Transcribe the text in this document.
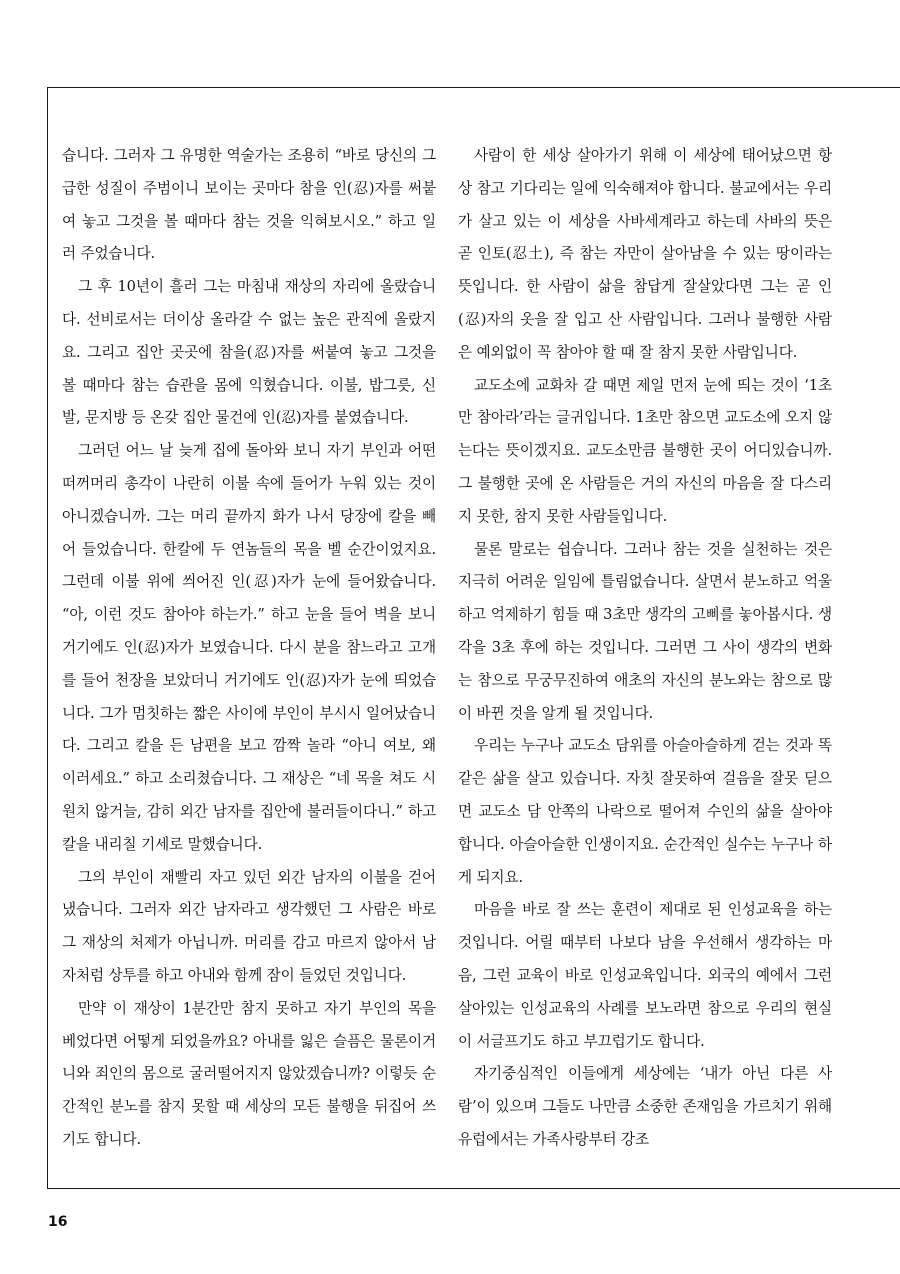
습니다. 그러자 그 유명한 역술가는 조용히 “바로 당신의 그 급한 성질이 주범이니 보이는 곳마다 참을 인(忍)자를 써붙여 놓고 그것을 볼 때마다 참는 것을 익혀보시오.” 하고 일러 주었습니다.

그 후 10년이 흘러 그는 마침내 재상의 자리에 올랐습니다. 선비로서는 더이상 올라갈 수 없는 높은 관직에 올랐지요. 그리고 집안 곳곳에 참을(忍)자를 써붙여 놓고 그것을 볼 때마다 참는 습관을 몸에 익혔습니다. 이불, 밥그릇, 신발, 문지방 등 온갖 집안 물건에 인(忍)자를 붙였습니다.

그러던 어느 날 늦게 집에 돌아와 보니 자기 부인과 어떤 떠꺼머리 총각이 나란히 이불 속에 들어가 누워 있는 것이 아니겠습니까. 그는 머리 끝까지 화가 나서 당장에 칼을 빼어 들었습니다. 한칼에 두 연놈들의 목을 벨 순간이었지요. 그런데 이불 위에 씌어진 인(忍)자가 눈에 들어왔습니다. “아, 이런 것도 참아야 하는가.” 하고 눈을 들어 벽을 보니 거기에도 인(忍)자가 보였습니다. 다시 분을 참느라고 고개를 들어 천장을 보았더니 거기에도 인(忍)자가 눈에 띄었습니다. 그가 멈칫하는 짧은 사이에 부인이 부시시 일어났습니다. 그리고 칼을 든 남편을 보고 깜짝 놀라 “아니 여보, 왜 이러세요.” 하고 소리쳤습니다. 그 재상은 “네 목을 쳐도 시원치 않거늘, 감히 외간 남자를 집안에 불러들이다니.” 하고 칼을 내리칠 기세로 말했습니다.

그의 부인이 재빨리 자고 있던 외간 남자의 이불을 걷어냈습니다. 그러자 외간 남자라고 생각했던 그 사람은 바로 그 재상의 처제가 아닙니까. 머리를 감고 마르지 않아서 남자처럼 상투를 하고 아내와 함께 잠이 들었던 것입니다.

만약 이 재상이 1분간만 참지 못하고 자기 부인의 목을 베었다면 어떻게 되었을까요? 아내를 잃은 슬픔은 물론이거니와 죄인의 몸으로 굴러떨어지지 않았겠습니까? 이렇듯 순간적인 분노를 참지 못할 때 세상의 모든 불행을 뒤집어 쓰기도 합니다.

사람이 한 세상 살아가기 위해 이 세상에 태어났으면 항상 참고 기다리는 일에 익숙해져야 합니다. 불교에서는 우리가 살고 있는 이 세상을 사바세계라고 하는데 사바의 뜻은 곧 인토(忍土), 즉 참는 자만이 살아남을 수 있는 땅이라는 뜻입니다. 한 사람이 삶을 참답게 잘살았다면 그는 곧 인(忍)자의 옷을 잘 입고 산 사람입니다. 그러나 불행한 사람은 예외없이 꼭 참아야 할 때 잘 참지 못한 사람입니다.

교도소에 교화차 갈 때면 제일 먼저 눈에 띄는 것이 ‘1초만 참아라’라는 글귀입니다. 1초만 참으면 교도소에 오지 않는다는 뜻이겠지요. 교도소만큼 불행한 곳이 어디있습니까. 그 불행한 곳에 온 사람들은 거의 자신의 마음을 잘 다스리지 못한, 참지 못한 사람들입니다.

물론 말로는 쉽습니다. 그러나 참는 것을 실천하는 것은 지극히 어려운 일임에 틀림없습니다. 살면서 분노하고 억울하고 억제하기 힘들 때 3초만 생각의 고삐를 놓아봅시다. 생각을 3초 후에 하는 것입니다. 그러면 그 사이 생각의 변화는 참으로 무궁무진하여 애초의 자신의 분노와는 참으로 많이 바뀐 것을 알게 될 것입니다.

우리는 누구나 교도소 담위를 아슬아슬하게 걷는 것과 똑같은 삶을 살고 있습니다. 자칫 잘못하여 걸음을 잘못 딛으면 교도소 담 안쪽의 나락으로 떨어져 수인의 삶을 살아야 합니다. 아슬아슬한 인생이지요. 순간적인 실수는 누구나 하게 되지요.

마음을 바로 잘 쓰는 훈련이 제대로 된 인성교육을 하는 것입니다. 어릴 때부터 나보다 남을 우선해서 생각하는 마음, 그런 교육이 바로 인성교육입니다. 외국의 예에서 그런 살아있는 인성교육의 사례를 보노라면 참으로 우리의 현실이 서글프기도 하고 부끄럽기도 합니다.

자기중심적인 이들에게 세상에는 ‘내가 아닌 다른 사람’이 있으며 그들도 나만큼 소중한 존재임을 가르치기 위해 유럽에서는 가족사랑부터 강조

16
